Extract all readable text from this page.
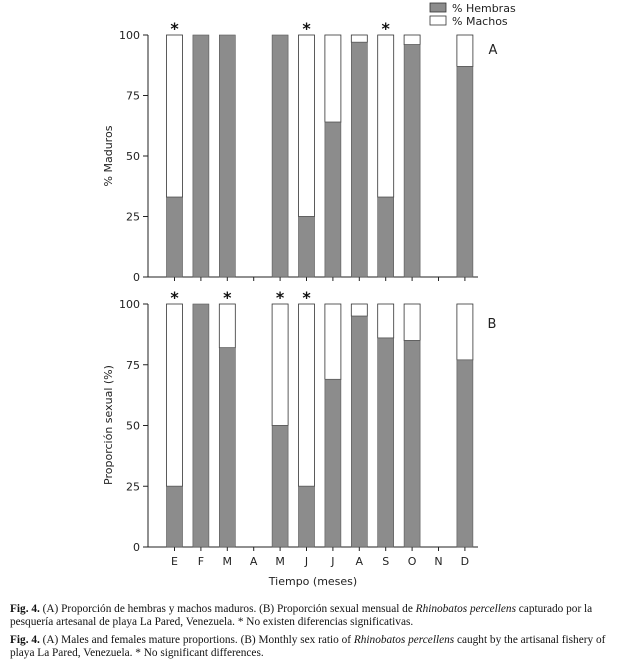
0
25
50
75
100
% Maduros
A
*	*	*
0
25
50
75
100
Proporción sexual (%)
B
*	*	* *
E F M A M J J A S O N D
Tiempo (meses)
% Hembras
% Machos
Fig. 4. (A) Proporción de hembras y machos maduros. (B) Proporción sexual mensual de Rhinobatos percellens capturado por la pesquería artesanal de playa La Pared, Venezuela. * No existen diferencias significativas.
Fig. 4. (A) Males and females mature proportions. (B) Monthly sex ratio of Rhinobatos percellens caught by the artisanal fishery of playa La Pared, Venezuela. * No significant differences.
